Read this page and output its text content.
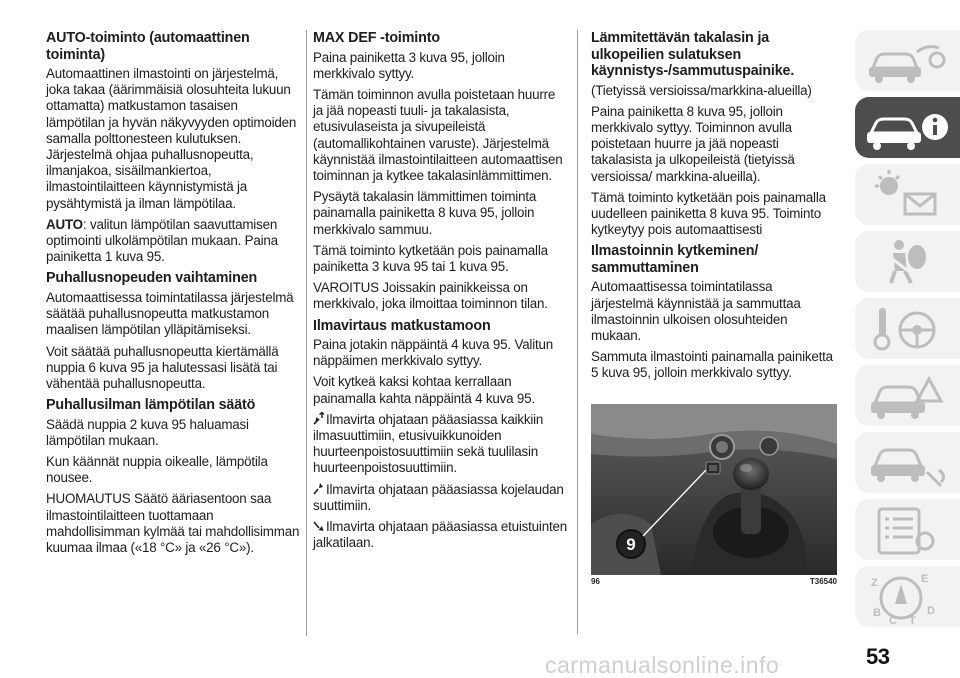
AUTO-toiminto (automaattinen toiminta)

Automaattinen ilmastointi on järjestelmä, joka takaa (äärimmäisiä olosuhteita lukuun ottamatta) matkustamon tasaisen lämpötilan ja hyvän näkyvyyden optimoiden samalla polttonesteen kulutuksen. Järjestelmä ohjaa puhallusnopeutta, ilmanjakoa, sisäilmankiertoa, ilmastointilaitteen käynnistymistä ja pysähtymistä ja ilman lämpötilaa.

AUTO: valitun lämpötilan saavuttamisen optimointi ulkolämpötilan mukaan. Paina painiketta 1 kuva 95.

Puhallusnopeuden vaihtaminen

Automaattisessa toimintatilassa järjestelmä säätää puhallusnopeutta matkustamon maalisen lämpötilan ylläpitämiseksi.

Voit säätää puhallusnopeutta kiertämällä nuppia 6 kuva 95 ja halutessasi lisätä tai vähentää puhallusnopeutta.

Puhallusilman lämpötilan säätö

Säädä nuppia 2 kuva 95 haluamasi lämpötilan mukaan.

Kun käännät nuppia oikealle, lämpötila nousee.

HUOMAUTUS Säätö ääriasentoon saa ilmastointilaitteen tuottamaan mahdollisimman kylmää tai mahdollisimman kuumaa ilmaa («18 °C» ja «26 °C»).

MAX DEF -toiminto

Paina painiketta 3 kuva 95, jolloin merkkivalo syttyy.

Tämän toiminnon avulla poistetaan huurre ja jää nopeasti tuuli- ja takalasista, etusivulaseista ja sivupeileistä (automallikohtainen varuste). Järjestelmä käynnistää ilmastointilaitteen automaattisen toiminnan ja kytkee takalasinlämmittimen.

Pysäytä takalasin lämmittimen toiminta painamalla painiketta 8 kuva 95, jolloin merkkivalo sammuu.

Tämä toiminto kytketään pois painamalla painiketta 3 kuva 95 tai 1 kuva 95.

VAROITUS Joissakin painikkeissa on merkkivalo, joka ilmoittaa toiminnon tilan.

Ilmavirtaus matkustamoon

Paina jotakin näppäintä 4 kuva 95. Valitun näppäimen merkkivalo syttyy.

Voit kytkeä kaksi kohtaa kerrallaan painamalla kahta näppäintä 4 kuva 95.

Ilmavirta ohjataan pääasiassa kaikkiin ilmasuuttimiin, etusivuikkunoiden huurteenpoistosuuttimiin sekä tuulilasin huurteenpoistosuuttimiin.

Ilmavirta ohjataan pääasiassa kojelaudan suuttimiin.

Ilmavirta ohjataan pääasiassa etuistuinten jalkatilaan.

Lämmitettävän takalasin ja ulkopeilien sulatuksen käynnistys-/sammutuspainike.

(Tietyissä versioissa/markkina-alueilla)

Paina painiketta 8 kuva 95, jolloin merkkivalo syttyy. Toiminnon avulla poistetaan huurre ja jää nopeasti takalasista ja ulkopeileistä (tietyissä versioissa/ markkina-alueilla).

Tämä toiminto kytketään pois painamalla uudelleen painiketta 8 kuva 95. Toiminto kytkeytyy pois automaattisesti

Ilmastoinnin kytkeminen/ sammuttaminen

Automaattisessa toimintatilassa järjestelmä käynnistää ja sammuttaa ilmastoinnin ulkoisen olosuhteiden mukaan.

Sammuta ilmastointi painamalla painiketta 5 kuva 95, jolloin merkkivalo syttyy.

9
96	T36540	Z	E
B
C T
D
53
carmanualsonline.info
